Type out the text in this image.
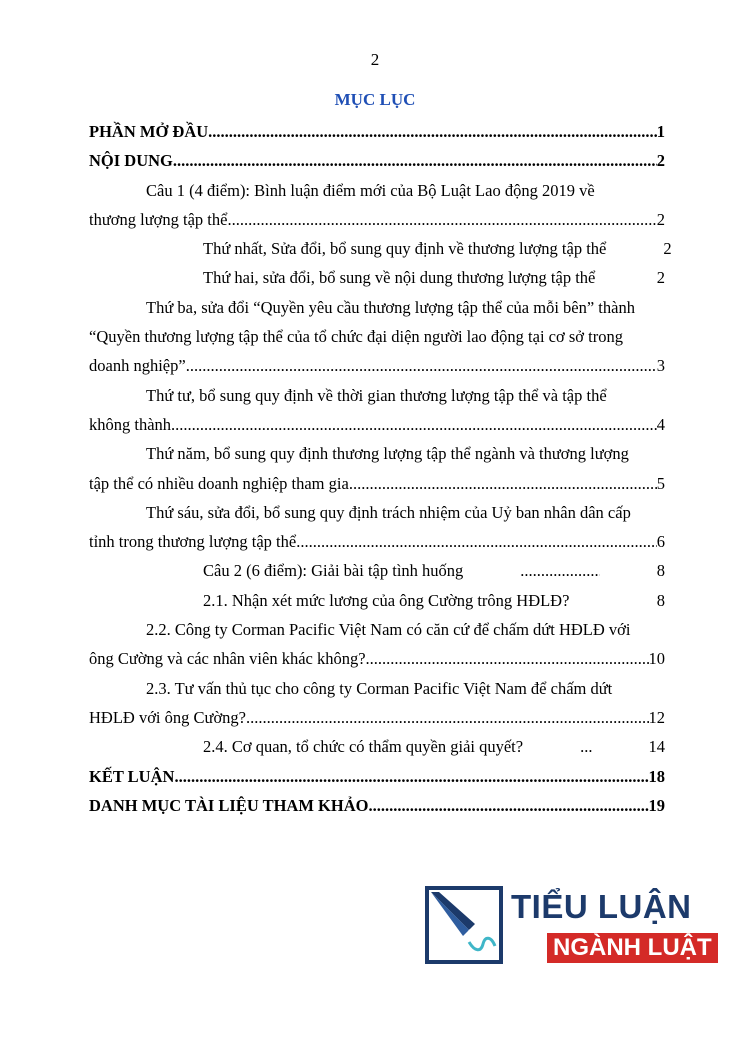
2
MỤC LỤC
PHẦN MỞ ĐẦU .....	1
NỘI DUNG .....	2
Câu 1 (4 điểm): Bình luận điểm mới của Bộ Luật Lao động 2019 về
thương lượng tập thể .....	2
Thứ nhất, Sửa đổi, bổ sung quy định về thương lượng tập thể	2
Thứ hai, sửa đổi, bổ sung về nội dung thương lượng tập thể .....	2
Thứ ba, sửa đổi “Quyền yêu cầu thương lượng tập thể của mỗi bên” thành
“Quyền thương lượng tập thể của tổ chức đại diện người lao động tại cơ sở trong
doanh nghiệp” .....	3
Thứ tư, bổ sung quy định về thời gian thương lượng tập thể và tập thể
không thành .....	4
Thứ năm, bổ sung quy định thương lượng tập thể ngành và thương lượng
tập thể có nhiều doanh nghiệp tham gia .....	5
Thứ sáu, sửa đổi, bổ sung quy định trách nhiệm của Uỷ ban nhân dân cấp
tỉnh trong thương lượng tập thể .....	6
Câu 2 (6 điểm): Giải bài tập tình huống .....	8
2.1. Nhận xét mức lương của ông Cường trông HĐLĐ? .....	8
2.2. Công ty Corman Pacific Việt Nam có căn cứ để chấm dứt HĐLĐ với
ông Cường và các nhân viên khác không? .....	10
2.3. Tư vấn thủ tục cho công ty Corman Pacific Việt Nam để chấm dứt
HĐLĐ với ông Cường? .....	12
2.4. Cơ quan, tổ chức có thẩm quyền giải quyết? .....	14
KẾT LUẬN .....	18
DANH MỤC TÀI LIỆU THAM KHẢO .....	19
TIỂU LUẬN
NGÀNH LUẬT
